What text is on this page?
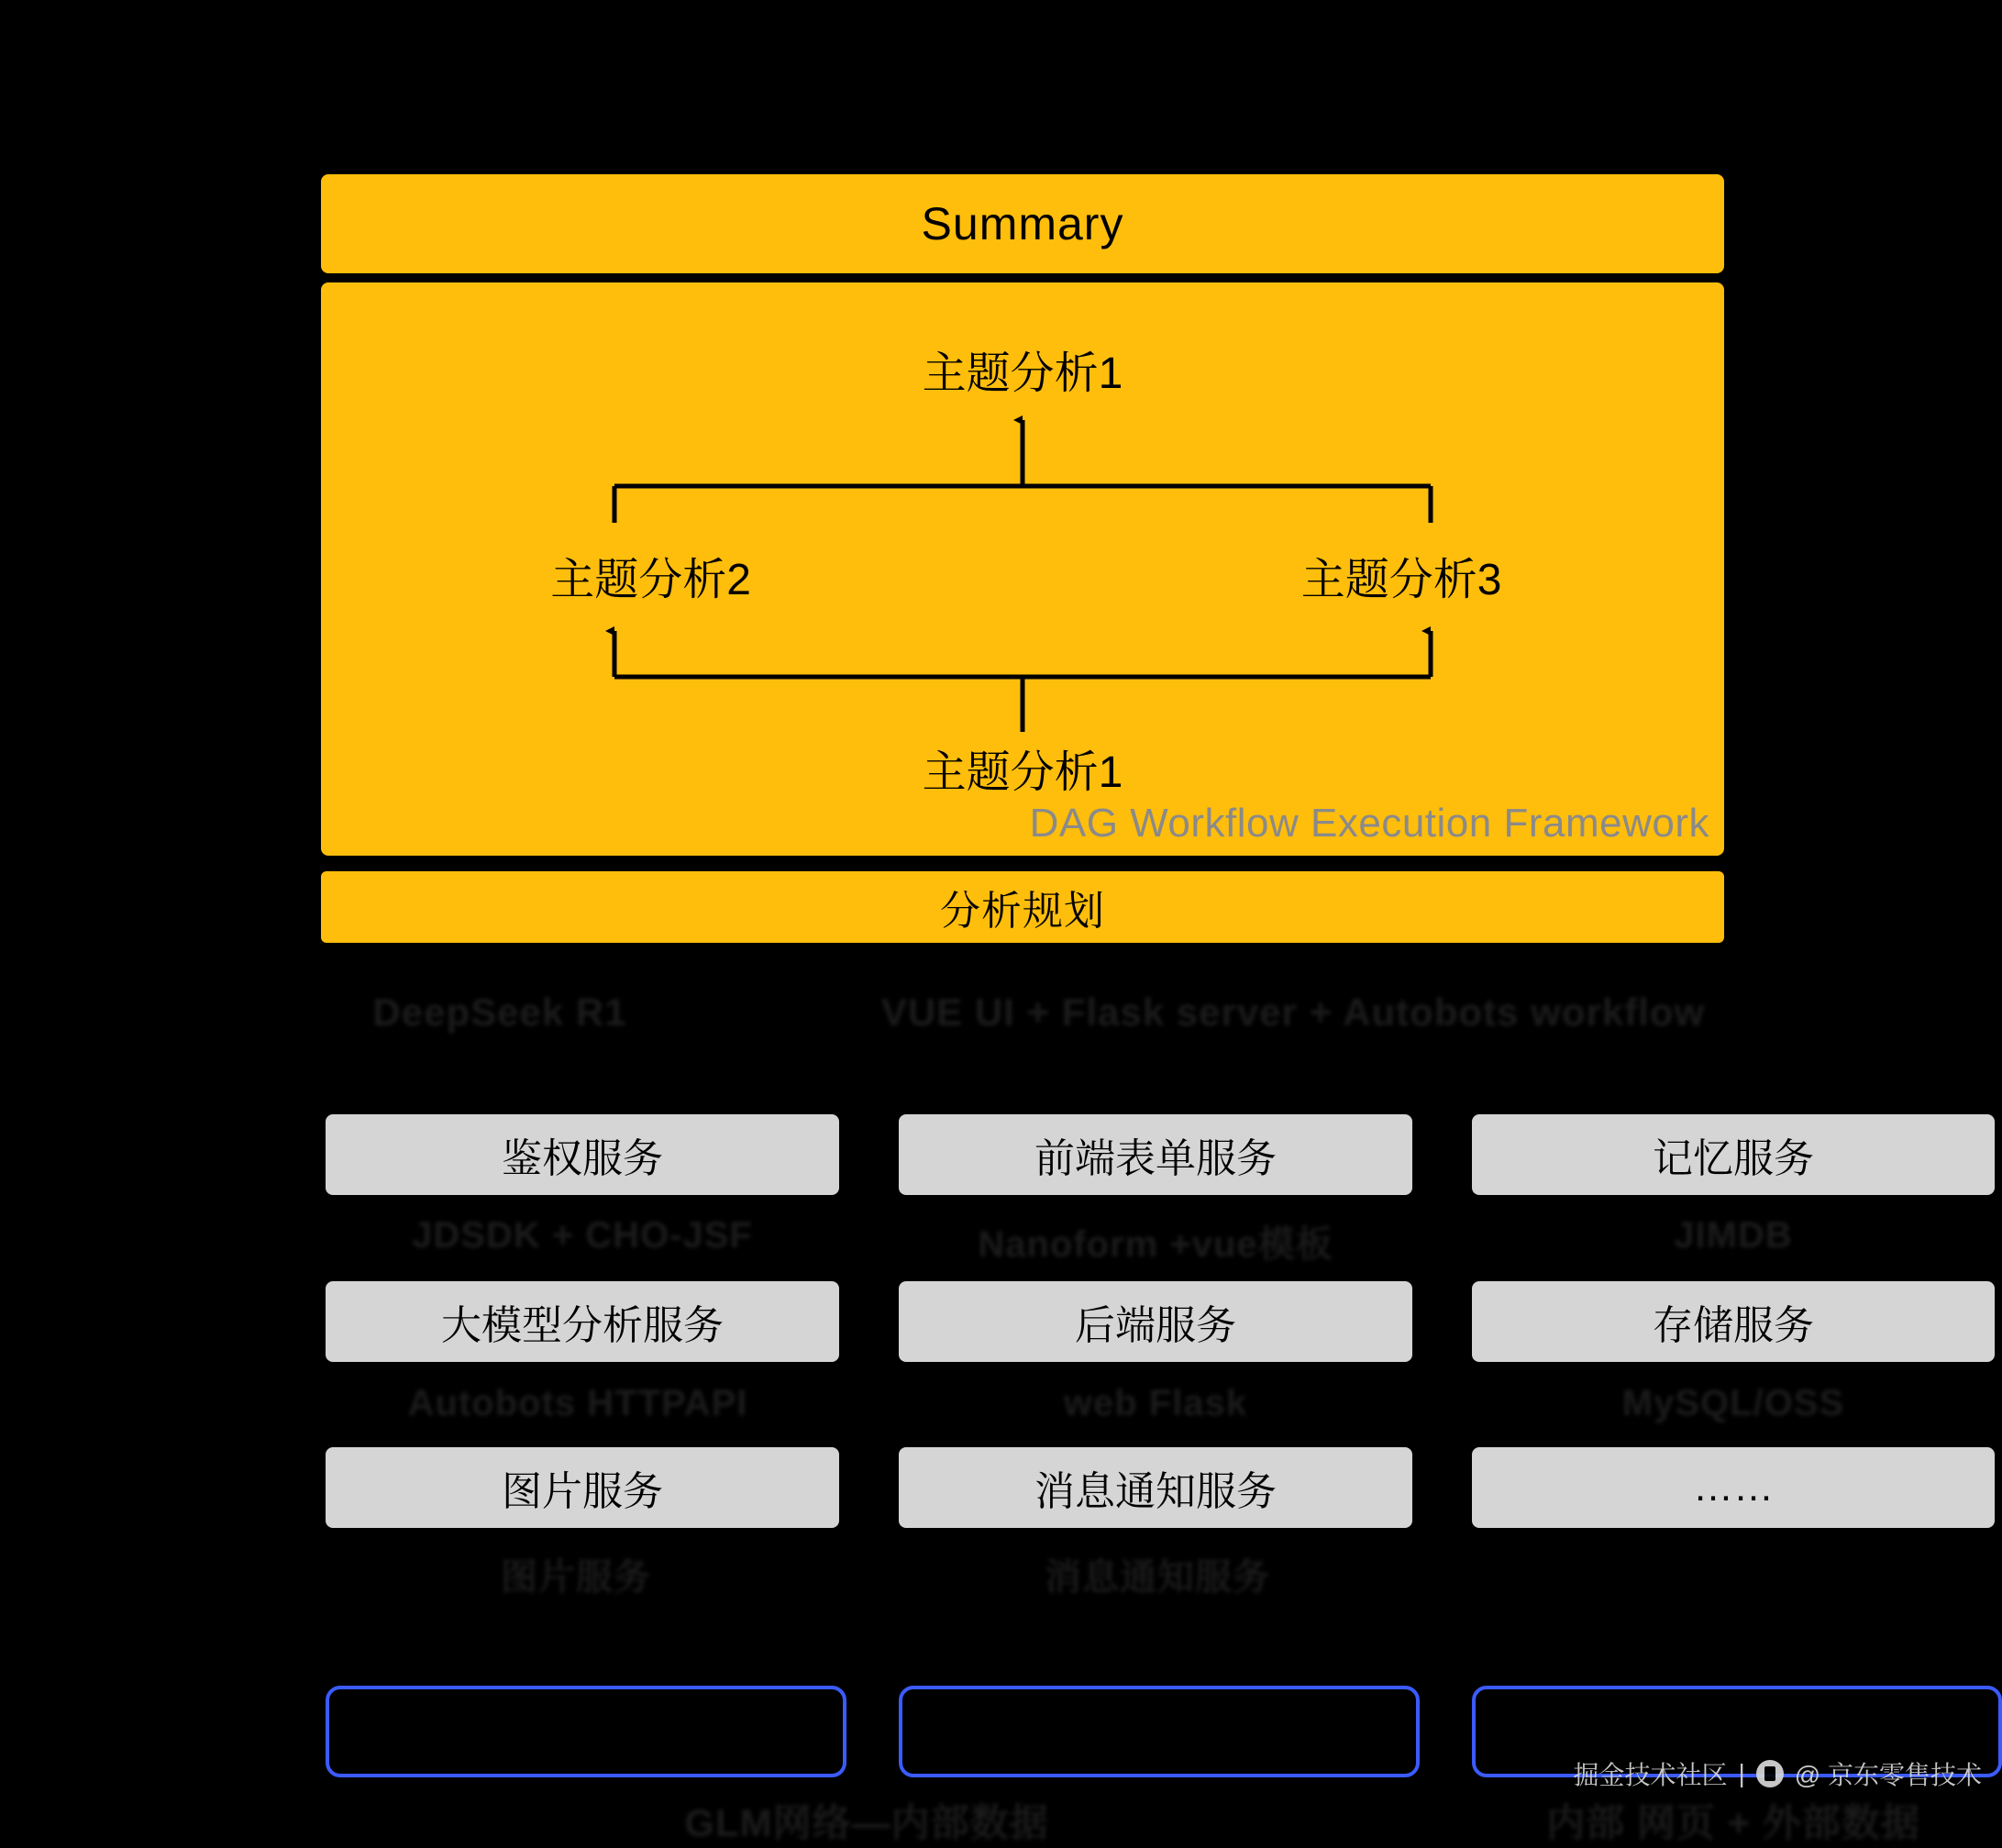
Summary
主题分析1
主题分析2	主题分析3
主题分析1
DAG Workflow Execution Framework
分析规划
DeepSeek R1	VUE UI + Flask server + Autobots workflow
鉴权服务	前端表单服务	记忆服务
JDSDK + CHO-JSF	Nanoform +vue模板	JIMDB
大模型分析服务	后端服务	存储服务
Autobots HTTPAPI	web Flask	MySQL/OSS
图片服务	消息通知服务	……
图片服务	消息通知服务
GLM网络—内部数据	内部 网页 + 外部数据
掘金技术社区 | @ 京东零售技术
